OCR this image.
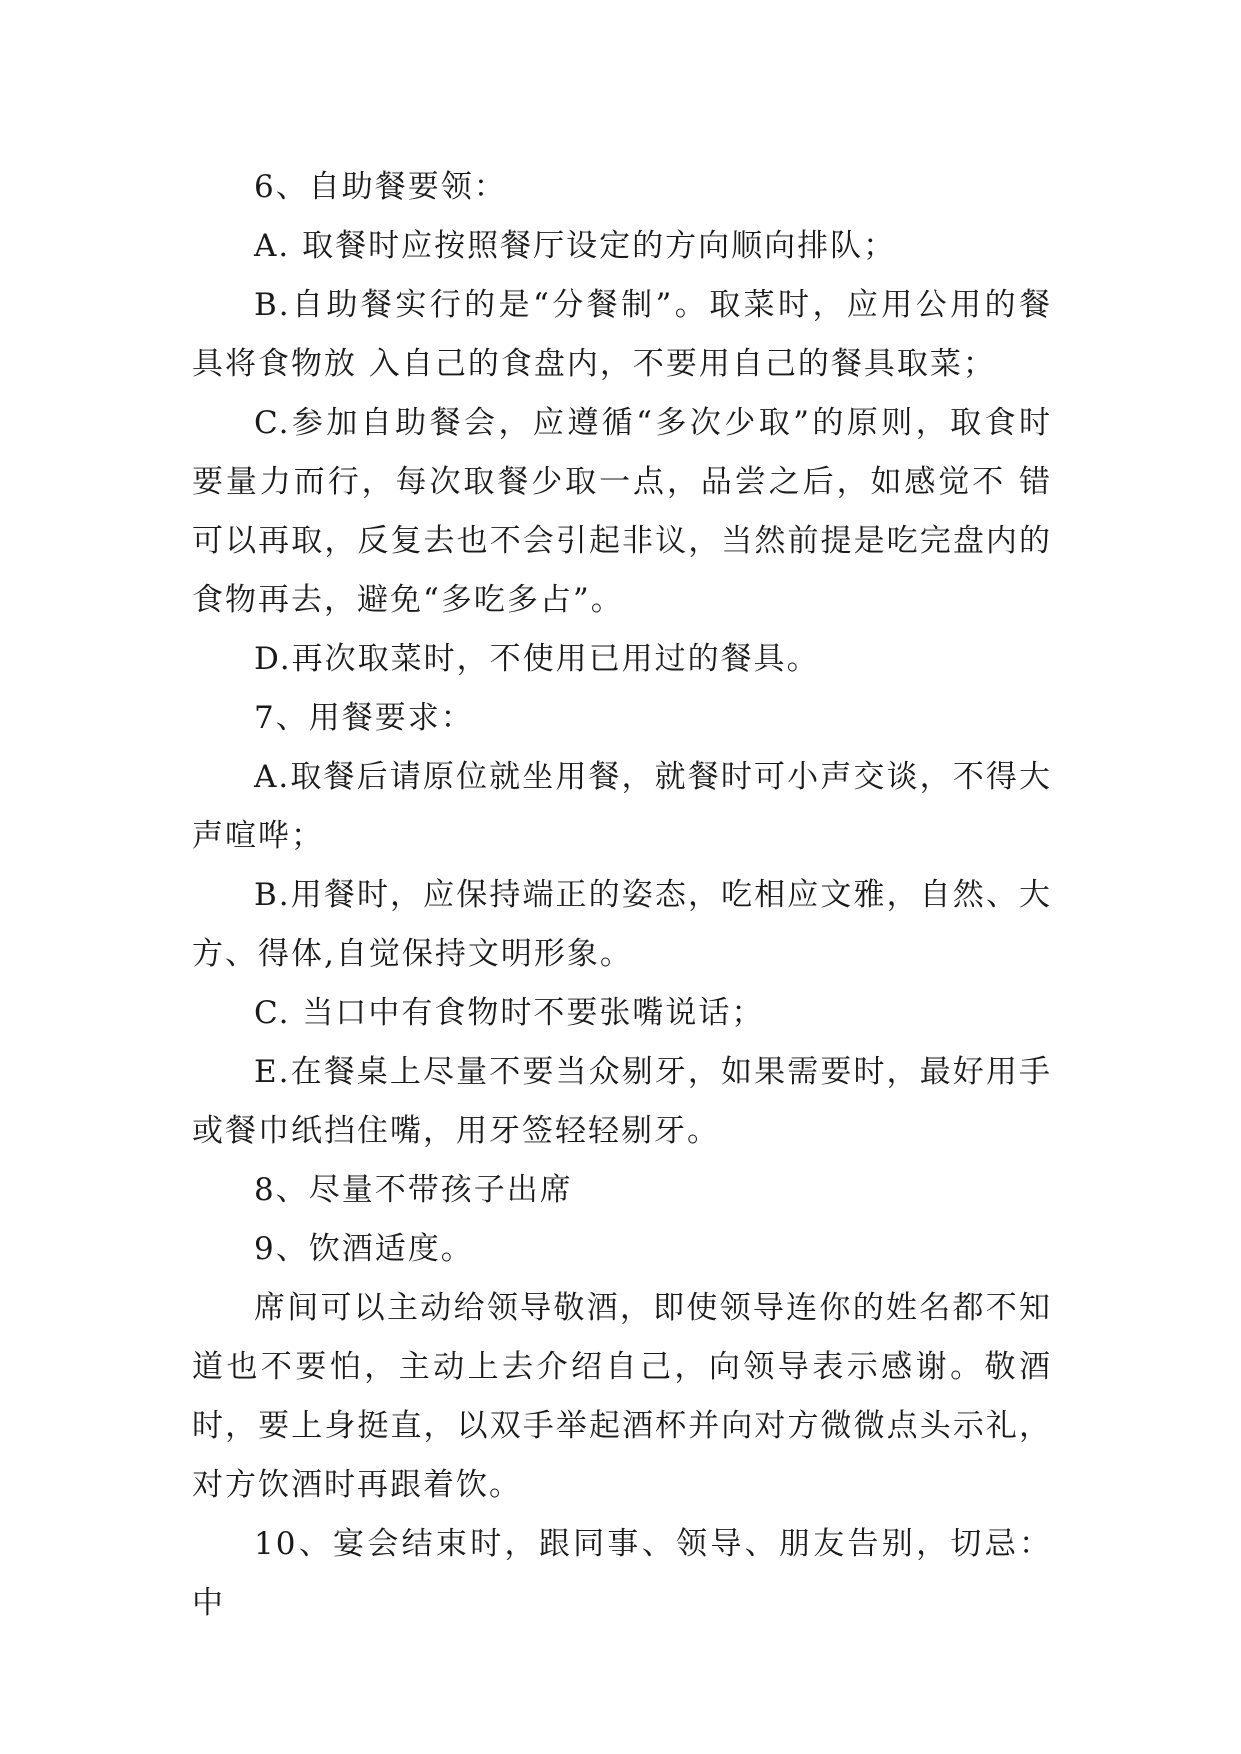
6、自助餐要领：

A. 取餐时应按照餐厅设定的方向顺向排队；

B.自助餐实行的是“分餐制”。取菜时，应用公用的餐具将食物放 入自己的食盘内，不要用自己的餐具取菜；

C.参加自助餐会，应遵循“多次少取”的原则，取食时要量力而行，每次取餐少取一点，品尝之后，如感觉不 错可以再取，反复去也不会引起非议，当然前提是吃完盘内的食物再去，避免“多吃多占”。

D.再次取菜时，不使用已用过的餐具。

7、用餐要求：

A.取餐后请原位就坐用餐，就餐时可小声交谈，不得大声喧哗；

B.用餐时，应保持端正的姿态，吃相应文雅，自然、大方、得体,自觉保持文明形象。

C. 当口中有食物时不要张嘴说话；

E.在餐桌上尽量不要当众剔牙，如果需要时，最好用手或餐巾纸挡住嘴，用牙签轻轻剔牙。

8、尽量不带孩子出席

9、饮酒适度。

席间可以主动给领导敬酒，即使领导连你的姓名都不知道也不要怕，主动上去介绍自己，向领导表示感谢。敬酒时，要上身挺直，以双手举起酒杯并向对方微微点头示礼，对方饮酒时再跟着饮。

10、宴会结束时，跟同事、领导、朋友告别，切忌：中
